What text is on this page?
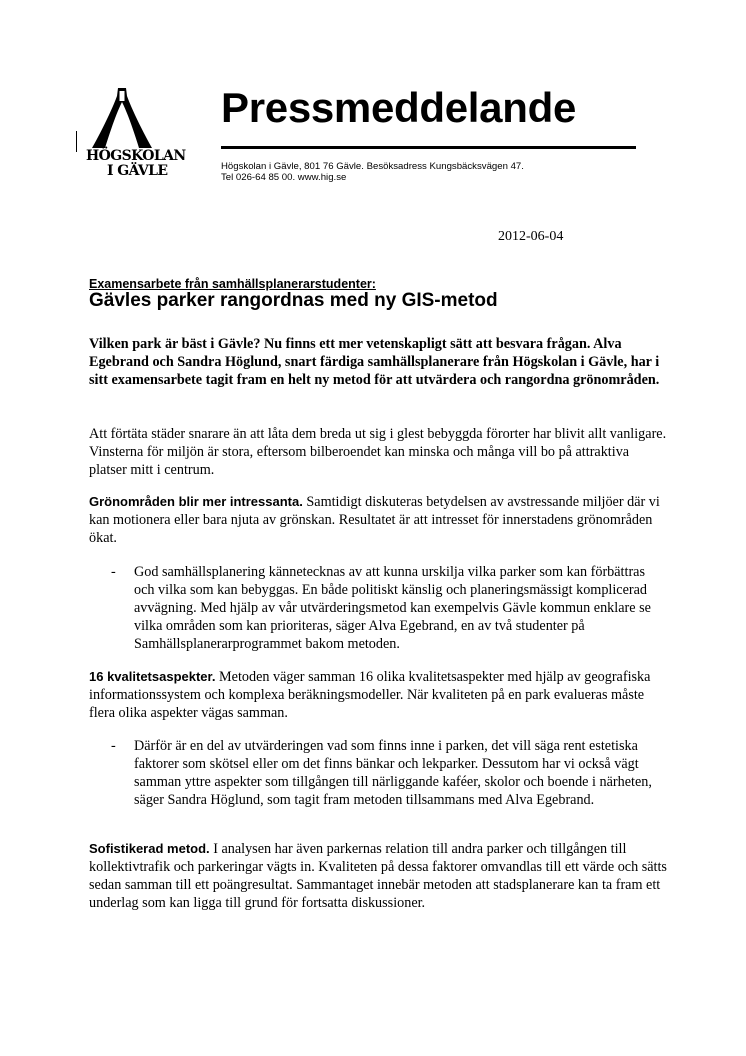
HÖGSKOLAN
I GÄVLE
Pressmeddelande
Högskolan i Gävle, 801 76 Gävle. Besöksadress Kungsbäcksvägen 47.
Tel 026-64 85 00. www.hig.se
2012-06-04
Examensarbete från samhällsplanerarstudenter:
Gävles parker rangordnas med ny GIS-metod

Vilken park är bäst i Gävle? Nu finns ett mer vetenskapligt sätt att besvara frågan. Alva Egebrand och Sandra Höglund, snart färdiga samhällsplanerare från Högskolan i Gävle, har i sitt examensarbete tagit fram en helt ny metod för att utvärdera och rangordna grönområden.

Att förtäta städer snarare än att låta dem breda ut sig i glest bebyggda förorter har blivit allt vanligare. Vinsterna för miljön är stora, eftersom bilberoendet kan minska och många vill bo på attraktiva platser mitt i centrum.

Grönområden blir mer intressanta. Samtidigt diskuteras betydelsen av avstressande miljöer där vi kan motionera eller bara njuta av grönskan. Resultatet är att intresset för innerstadens grönområden ökat.

- God samhällsplanering kännetecknas av att kunna urskilja vilka parker som kan förbättras och vilka som kan bebyggas. En både politiskt känslig och planeringsmässigt komplicerad avvägning. Med hjälp av vår utvärderingsmetod kan exempelvis Gävle kommun enklare se vilka områden som kan prioriteras, säger Alva Egebrand, en av två studenter på Samhällsplanerarprogrammet bakom metoden.

16 kvalitetsaspekter. Metoden väger samman 16 olika kvalitetsaspekter med hjälp av geografiska informationssystem och komplexa beräkningsmodeller. När kvaliteten på en park evalueras måste flera olika aspekter vägas samman.

- Därför är en del av utvärderingen vad som finns inne i parken, det vill säga rent estetiska faktorer som skötsel eller om det finns bänkar och lekparker. Dessutom har vi också vägt samman yttre aspekter som tillgången till närliggande kaféer, skolor och boende i närheten, säger Sandra Höglund, som tagit fram metoden tillsammans med Alva Egebrand.

Sofistikerad metod. I analysen har även parkernas relation till andra parker och tillgången till kollektivtrafik och parkeringar vägts in. Kvaliteten på dessa faktorer omvandlas till ett värde och sätts sedan samman till ett poängresultat. Sammantaget innebär metoden att stadsplanerare kan ta fram ett underlag som kan ligga till grund för fortsatta diskussioner.
